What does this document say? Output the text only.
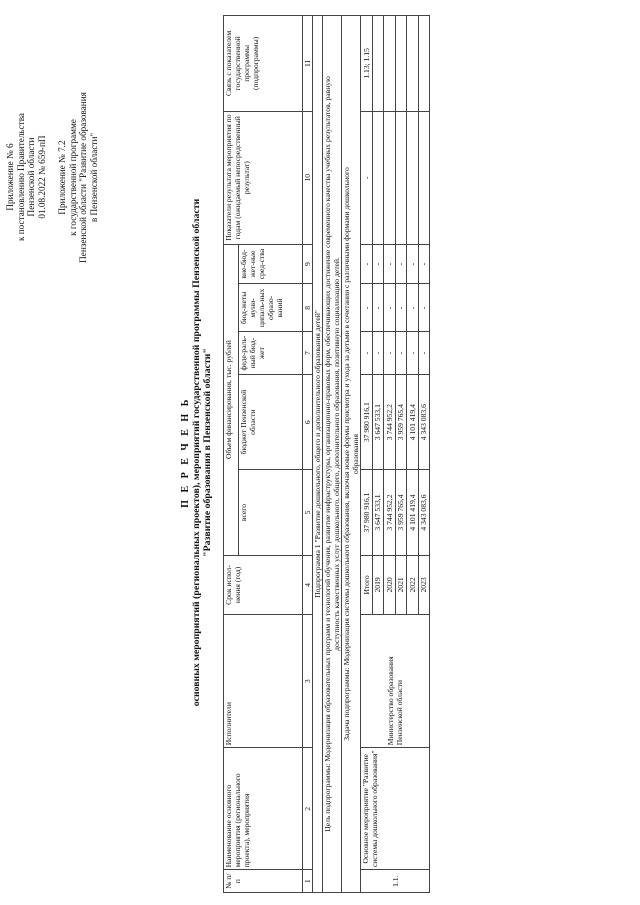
Приложение № 6 к постановлению Правительства Пензенской области 01.08.2022 № 659-пП Приложение № 7.2 к государственной программе Пензенской области "Развитие образования в Пензенской области"
П Е Р Е Ч Е Н Ь основных мероприятий (региональных проектов), мероприятий государственной программы Пензенской области "Развитие образования в Пензенской области"
№ п/п	Наименование основного мероприятия (регионального проекта), мероприятия	Исполнители	Срок испол-нения (год)	Объем финансирования, тыс. рублей					Показатели результата мероприятия по годам (ожидаемый непосредственный результат)	Связь с показателем государственной программы (подпрограммы)
				всего	бюджет Пензенской области	феде-раль-ный бюд-жет	бюд-жеты муни-ципаль-ных образо-ваний	вне-бюд-жет-ные сред-ства		
1	2	3	4	5	6	7	8	9	10	11
Подпрограмма 1 "Развитие дошкольного, общего и дополнительного образования детей"										
Цель подпрограммы: Модернизация образовательных программ и технологий обучения, развитие инфраструктуры, организационно-правовых форм, обеспечивающих достижение современного качества учебных результатов, равную доступность качественных услуг дошкольного, общего, дополнительного образования, позитивную социализацию детей.										
Задача подпрограммы: Модернизация системы дошкольного образования, включая новые формы присмотра и ухода за детьми в сочетании с различными формами дошкольного образования										
1.1.	Основное мероприятие "Развитие системы дошкольного образования"	Министерство образования Пензенской области	Итого	37 980 916,1	37 980 916,1	-	-	-	-	1.13; 1.15
			2019	3 647 533,1	3 647 533,1	-	-	-		
			2020	3 744 952,2	3 744 952,2	-	-	-		
			2021	3 959 765,4	3 959 765,4	-	-	-		
			2022	4 101 419,4	4 101 419,4	-	-	-		
			2023	4 343 083,6	4 343 083,6	-	-	-		
